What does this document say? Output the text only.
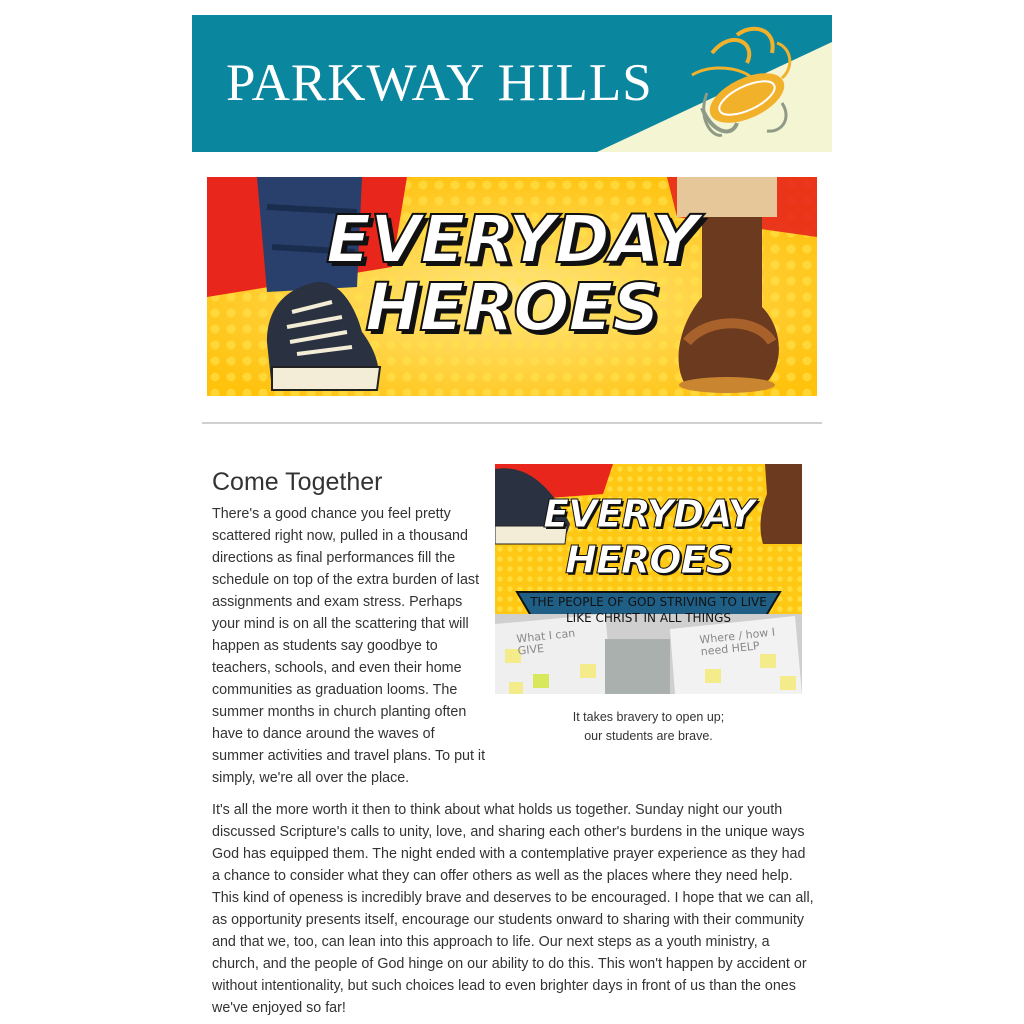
PARKWAY HILLS
EVERYDAY
HEROES
Come Together

There's a good chance you feel pretty scattered right now, pulled in a thousand directions as final performances fill the schedule on top of the extra burden of last assignments and exam stress. Perhaps your mind is on all the scattering that will happen as students say goodbye to teachers, schools, and even their home communities as graduation looms. The summer months in church planting often have to dance around the waves of summer activities and travel plans. To put it simply, we're all over the place.

EVERYDAY
HEROES
THE PEOPLE OF GOD STRIVING TO LIVE LIKE CHRIST IN ALL THINGS
What I can GIVE
Where / how I need HELP
It takes bravery to open up;
our students are brave.

It's all the more worth it then to think about what holds us together. Sunday night our youth discussed Scripture's calls to unity, love, and sharing each other's burdens in the unique ways God has equipped them. The night ended with a contemplative prayer experience as they had a chance to consider what they can offer others as well as the places where they need help. This kind of openess is incredibly brave and deserves to be encouraged. I hope that we can all, as opportunity presents itself, encourage our students onward to sharing with their community and that we, too, can lean into this approach to life. Our next steps as a youth ministry, a church, and the people of God hinge on our ability to do this. This won't happen by accident or without intentionality, but such choices lead to even brighter days in front of us than the ones we've enjoyed so far!
